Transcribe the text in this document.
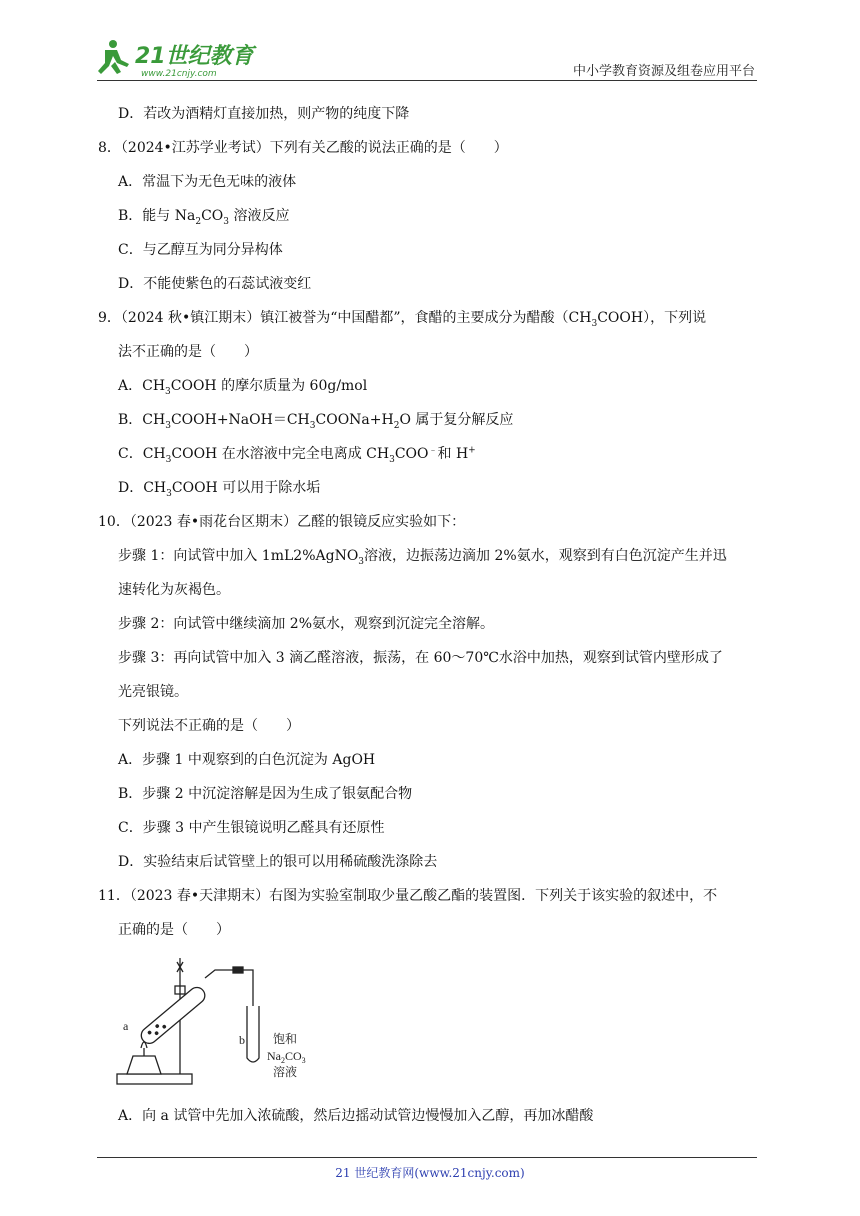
21世纪教育
www.21cnjy.com	中小学教育资源及组卷应用平台
D．若改为酒精灯直接加热，则产物的纯度下降
8．（2024•江苏学业考试）下列有关乙酸的说法正确的是（　　）
A．常温下为无色无味的液体
B．能与 $Na_2CO_3$ 溶液反应
C．与乙醇互为同分异构体
D．不能使紫色的石蕊试液变红
9．（2024 秋•镇江期末）镇江被誉为“中国醋都”，食醋的主要成分为醋酸$(CH_3COOH)$，下列说
法不正确的是（　　）
A．$CH_3COOH$ 的摩尔质量为 60g/mol
B．$CH_3COOH+NaOH=CH_3COONa+H_2O$ 属于复分解反应
C．$CH_3COOH$ 在水溶液中完全电离成 $CH_3COO^﹣$和 H+
D．$CH_3COOH$ 可以用于除水垢
10．（2023 春•雨花台区期末）乙醛的银镜反应实验如下：
步骤 1：向试管中加入 1mL2%AgNO$_3$溶液，边振荡边滴加 2%氨水，观察到有白色沉淀产生并迅
速转化为灰褐色。
步骤 2：向试管中继续滴加 2%氨水，观察到沉淀完全溶解。
步骤 3：再向试管中加入 3 滴乙醛溶液，振荡，在 60～70℃水浴中加热，观察到试管内壁形成了
光亮银镜。
下列说法不正确的是（　　）
A．步骤 1 中观察到的白色沉淀为 AgOH
B．步骤 2 中沉淀溶解是因为生成了银氨配合物
C．步骤 3 中产生银镜说明乙醛具有还原性
D．实验结束后试管壁上的银可以用稀硫酸洗涤除去
11．（2023 春•天津期末）右图为实验室制取少量乙酸乙酯的装置图．下列关于该实验的叙述中，不
正确的是（　　）
a
b 饱和
$Na_2CO_3$
溶液
A．向 a 试管中先加入浓硫酸，然后边摇动试管边慢慢加入乙醇，再加冰醋酸
21 世纪教育网(www.21cnjy.com)
